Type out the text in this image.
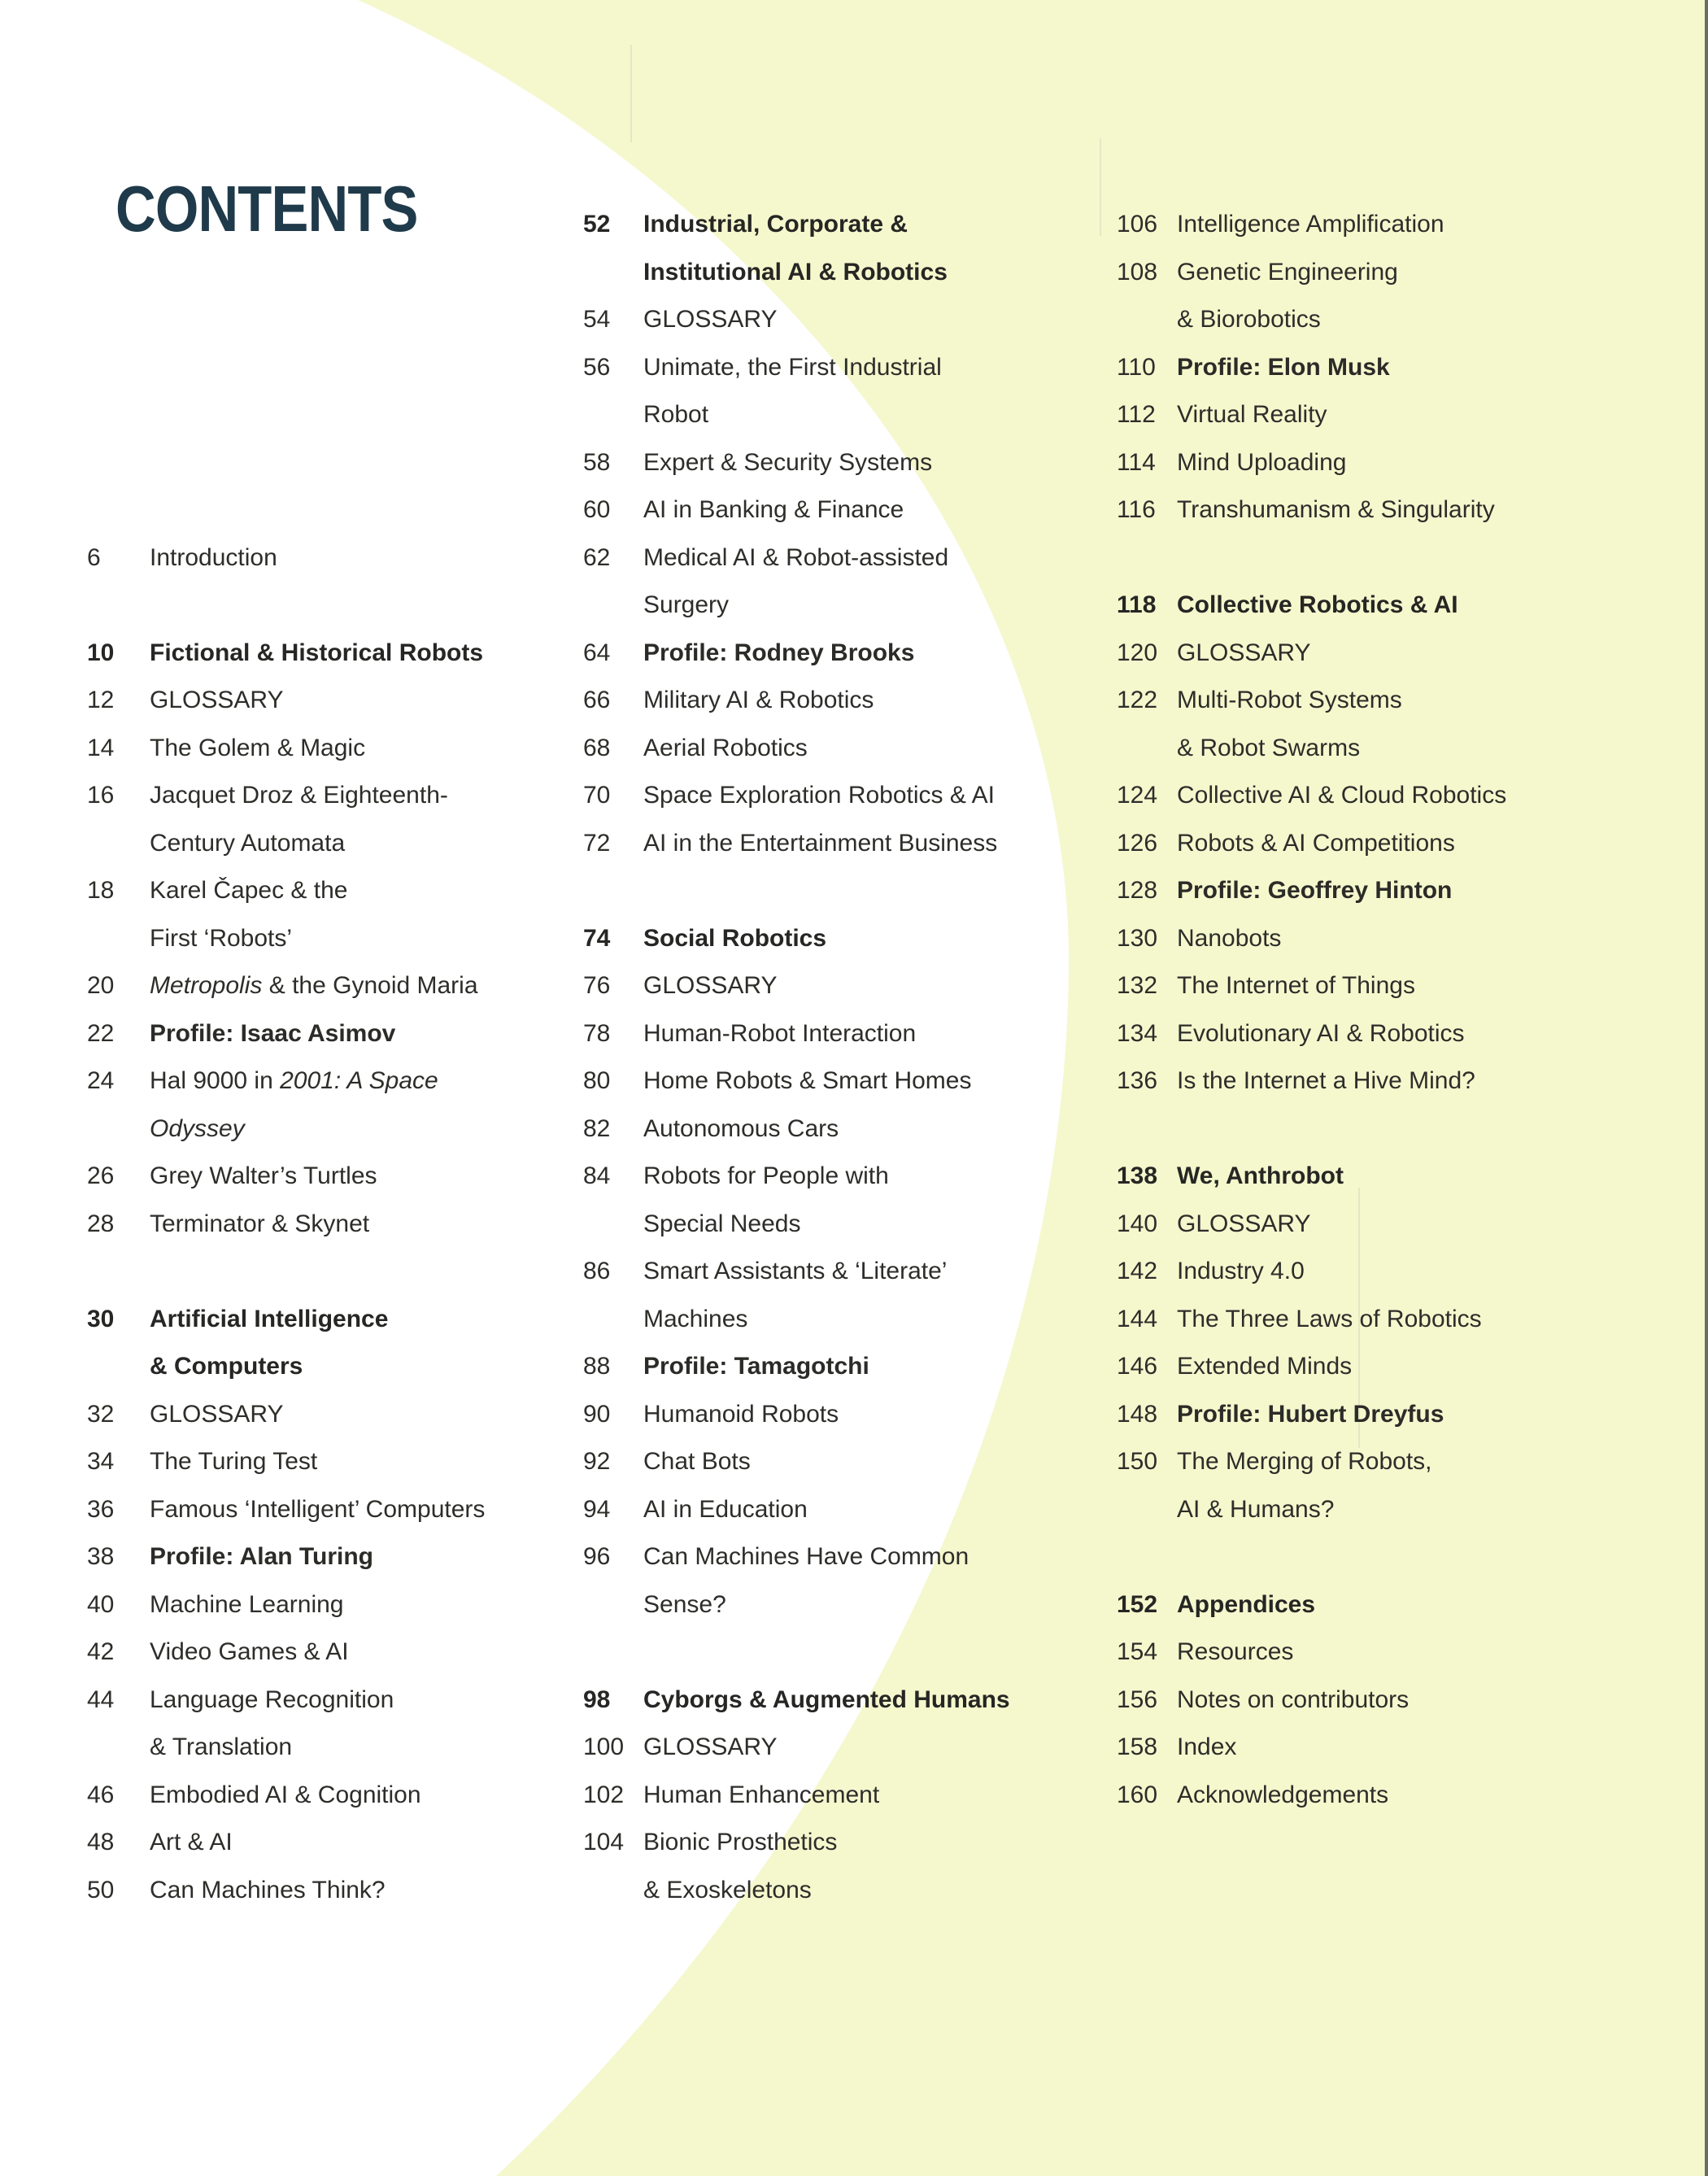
CONTENTS
6 Introduction
10 Fictional & Historical Robots
12 GLOSSARY
14 The Golem & Magic
16 Jacquet Droz & Eighteenth-
Century Automata
18 Karel Čapec & the
First ‘Robots’
20 Metropolis & the Gynoid Maria
22 Profile: Isaac Asimov
24 Hal 9000 in 2001: A Space
Odyssey
26 Grey Walter’s Turtles
28 Terminator & Skynet
30 Artificial Intelligence
& Computers
32 GLOSSARY
34 The Turing Test
36 Famous ‘Intelligent’ Computers
38 Profile: Alan Turing
40 Machine Learning
42 Video Games & AI
44 Language Recognition
& Translation
46 Embodied AI & Cognition
48 Art & AI
50 Can Machines Think?
52 Industrial, Corporate &
Institutional AI & Robotics
54 GLOSSARY
56 Unimate, the First Industrial
Robot
58 Expert & Security Systems
60 AI in Banking & Finance
62 Medical AI & Robot-assisted
Surgery
64 Profile: Rodney Brooks
66 Military AI & Robotics
68 Aerial Robotics
70 Space Exploration Robotics & AI
72 AI in the Entertainment Business
74 Social Robotics
76 GLOSSARY
78 Human-Robot Interaction
80 Home Robots & Smart Homes
82 Autonomous Cars
84 Robots for People with
Special Needs
86 Smart Assistants & ‘Literate’
Machines
88 Profile: Tamagotchi
90 Humanoid Robots
92 Chat Bots
94 AI in Education
96 Can Machines Have Common
Sense?
98 Cyborgs & Augmented Humans
100 GLOSSARY
102 Human Enhancement
104 Bionic Prosthetics
& Exoskeletons
106 Intelligence Amplification
108 Genetic Engineering
& Biorobotics
110 Profile: Elon Musk
112 Virtual Reality
114 Mind Uploading
116 Transhumanism & Singularity
118 Collective Robotics & AI
120 GLOSSARY
122 Multi-Robot Systems
& Robot Swarms
124 Collective AI & Cloud Robotics
126 Robots & AI Competitions
128 Profile: Geoffrey Hinton
130 Nanobots
132 The Internet of Things
134 Evolutionary AI & Robotics
136 Is the Internet a Hive Mind?
138 We, Anthrobot
140 GLOSSARY
142 Industry 4.0
144 The Three Laws of Robotics
146 Extended Minds
148 Profile: Hubert Dreyfus
150 The Merging of Robots,
AI & Humans?
152 Appendices
154 Resources
156 Notes on contributors
158 Index
160 Acknowledgements
